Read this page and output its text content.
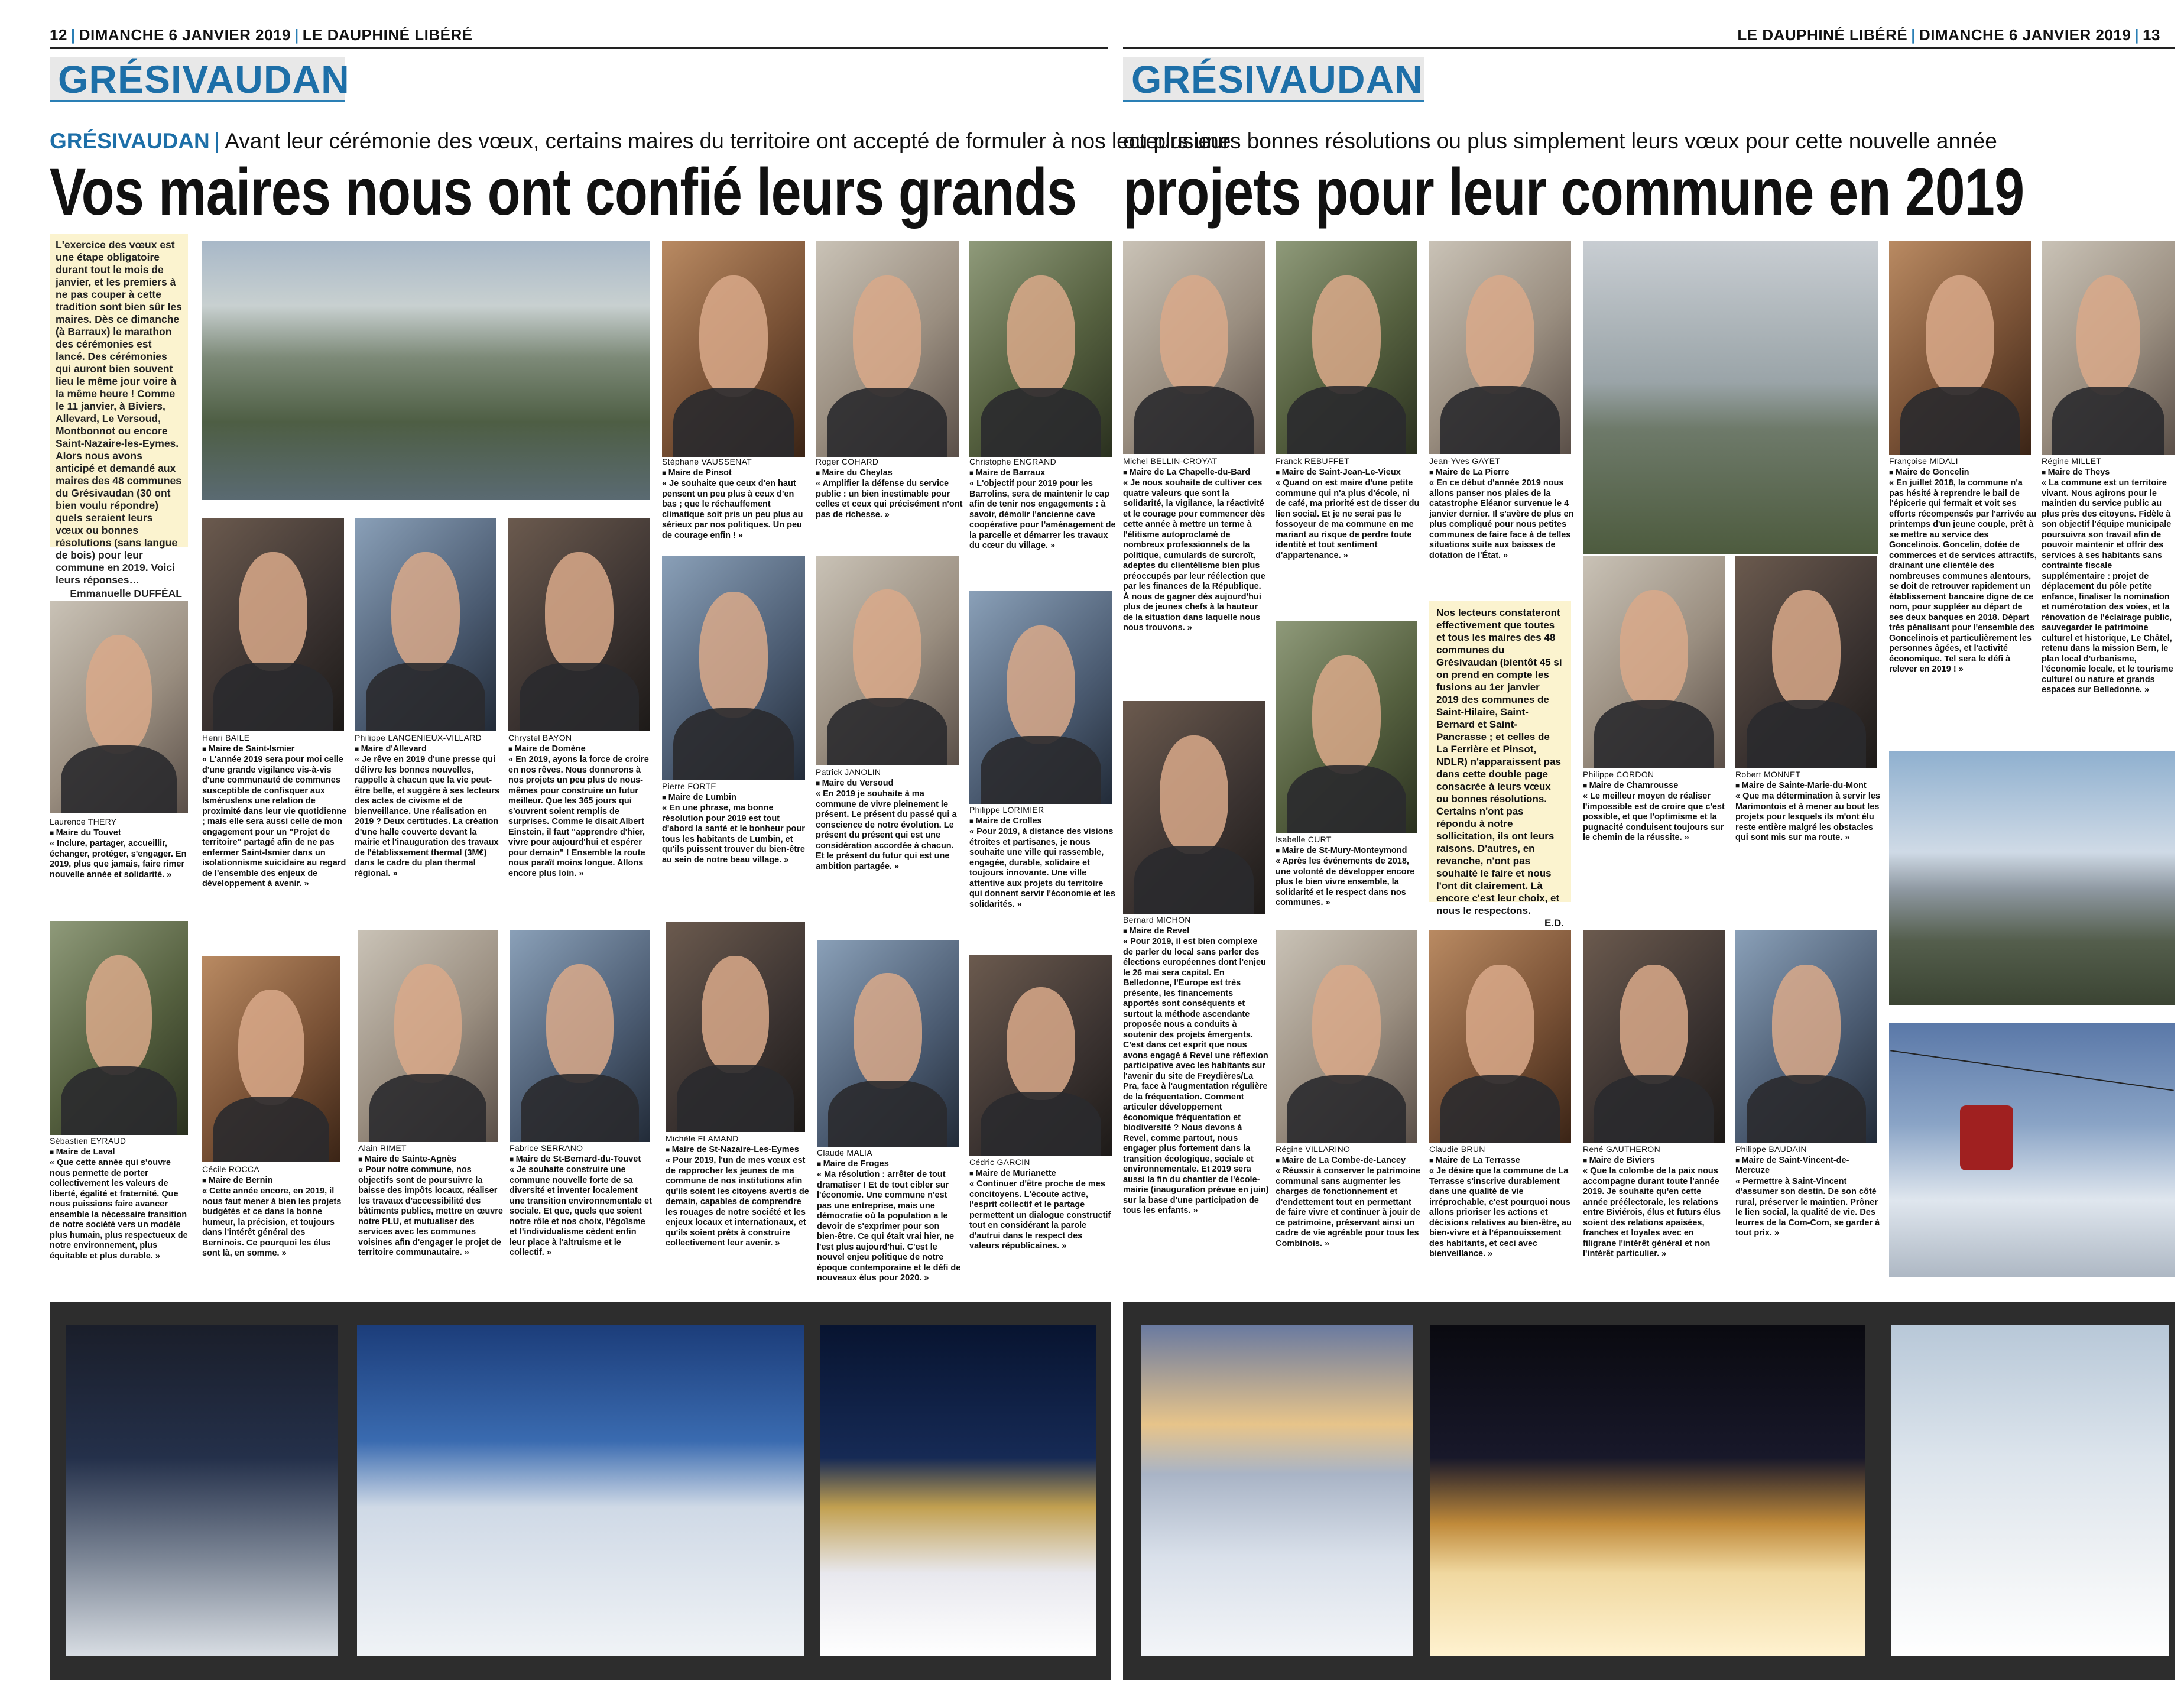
12 | DIMANCHE 6 JANVIER 2019 | LE DAUPHINÉ LIBÉRÉ	LE DAUPHINÉ LIBÉRÉ | DIMANCHE 6 JANVIER 2019 | 13
GRÉSIVAUDAN	GRÉSIVAUDAN
GRÉSIVAUDAN | Avant leur cérémonie des vœux, certains maires du territoire ont accepté de formuler à nos lecteurs une
ou plusieurs bonnes résolutions ou plus simplement leurs vœux pour cette nouvelle année
Vos maires nous ont confié leurs grands projets pour leur commune en 2019
L'exercice des vœux est une étape obligatoire durant tout le mois de janvier, et les premiers à ne pas couper à cette tradition sont bien sûr les maires. Dès ce dimanche (à Barraux) le marathon des cérémonies est lancé. Des cérémonies qui auront bien souvent lieu le même jour voire à la même heure ! Comme le 11 janvier, à Biviers, Allevard, Le Versoud, Montbonnot ou encore Saint-Nazaire-les-Eymes. Alors nous avons anticipé et demandé aux maires des 48 communes du Grésivaudan (30 ont bien voulu répondre) quels seraient leurs vœux ou bonnes résolutions (sans langue de bois) pour leur commune en 2019. Voici leurs réponses…
Emmanuelle DUFFÉAL
Stéphane VAUSSENAT
■ Maire de Pinsot
« Je souhaite que ceux d'en haut pensent un peu plus à ceux d'en bas ; que le réchauffement climatique soit pris un peu plus au sérieux par nos politiques. Un peu de courage enfin ! »
Roger COHARD
■ Maire du Cheylas
« Amplifier la défense du service public : un bien inestimable pour celles et ceux qui précisément n'ont pas de richesse. »
Christophe ENGRAND
■ Maire de Barraux
« L'objectif pour 2019 pour les Barrolins, sera de maintenir le cap afin de tenir nos engagements : à savoir, démolir l'ancienne cave coopérative pour l'aménagement de la parcelle et démarrer les travaux du cœur du village. »
Laurence THERY
■ Maire du Touvet
« Inclure, partager, accueillir, échanger, protéger, s'engager. En 2019, plus que jamais, faire rimer nouvelle année et solidarité. »
Henri BAILE
■ Maire de Saint-Ismier
« L'année 2019 sera pour moi celle d'une grande vigilance vis-à-vis d'une communauté de communes susceptible de confisquer aux Isméruslens une relation de proximité dans leur vie quotidienne ; mais elle sera aussi celle de mon engagement pour un "Projet de territoire" partagé afin de ne pas enfermer Saint-Ismier dans un isolationnisme suicidaire au regard de l'ensemble des enjeux de développement à avenir. »
Philippe LANGENIEUX-VILLARD
■ Maire d'Allevard
« Je rêve en 2019 d'une presse qui délivre les bonnes nouvelles, rappelle à chacun que la vie peut-être belle, et suggère à ses lecteurs des actes de civisme et de bienveillance. Une réalisation en 2019 ? Deux certitudes. La création d'une halle couverte devant la mairie et l'inauguration des travaux de l'établissement thermal (3M€) dans le cadre du plan thermal régional. »
Chrystel BAYON
■ Maire de Domène
« En 2019, ayons la force de croire en nos rêves. Nous donnerons à nos projets un peu plus de nous-mêmes pour construire un futur meilleur. Que les 365 jours qui s'ouvrent soient remplis de surprises. Comme le disait Albert Einstein, il faut "apprendre d'hier, vivre pour aujourd'hui et espérer pour demain" ! Ensemble la route nous paraît moins longue. Allons encore plus loin. »
Pierre FORTE
■ Maire de Lumbin
« En une phrase, ma bonne résolution pour 2019 est tout d'abord la santé et le bonheur pour tous les habitants de Lumbin, et qu'ils puissent trouver du bien-être au sein de notre beau village. »
Patrick JANOLIN
■ Maire du Versoud
« En 2019 je souhaite à ma commune de vivre pleinement le présent. Le présent du passé qui a conscience de notre évolution. Le présent du présent qui est une considération accordée à chacun. Et le présent du futur qui est une ambition partagée. »
Philippe LORIMIER
■ Maire de Crolles
« Pour 2019, à distance des visions étroites et partisanes, je nous souhaite une ville qui rassemble, engagée, durable, solidaire et toujours innovante. Une ville attentive aux projets du territoire qui donnent servir l'économie et les solidarités. »
Sébastien EYRAUD
■ Maire de Laval
« Que cette année qui s'ouvre nous permette de porter collectivement les valeurs de liberté, égalité et fraternité. Que nous puissions faire avancer ensemble la nécessaire transition de notre société vers un modèle plus humain, plus respectueux de notre environnement, plus équitable et plus durable. »
Cécile ROCCA
■ Maire de Bernin
« Cette année encore, en 2019, il nous faut mener à bien les projets budgétés et ce dans la bonne humeur, la précision, et toujours dans l'intérêt général des Berninois. Ce pourquoi les élus sont là, en somme. »
Alain RIMET
■ Maire de Sainte-Agnès
« Pour notre commune, nos objectifs sont de poursuivre la baisse des impôts locaux, réaliser les travaux d'accessibilité des bâtiments publics, mettre en œuvre notre PLU, et mutualiser des services avec les communes voisines afin d'engager le projet de territoire communautaire. »
Fabrice SERRANO
■ Maire de St-Bernard-du-Touvet
« Je souhaite construire une commune nouvelle forte de sa diversité et inventer localement une transition environnementale et sociale. Et que, quels que soient notre rôle et nos choix, l'égoïsme et l'individualisme cèdent enfin leur place à l'altruisme et le collectif. »
Michèle FLAMAND
■ Maire de St-Nazaire-Les-Eymes
« Pour 2019, l'un de mes vœux est de rapprocher les jeunes de ma commune de nos institutions afin qu'ils soient les citoyens avertis de demain, capables de comprendre les rouages de notre société et les enjeux locaux et internationaux, et qu'ils soient prêts à construire collectivement leur avenir. »
Claude MALIA
■ Maire de Froges
« Ma résolution : arrêter de tout dramatiser ! Et de tout cibler sur l'économie. Une commune n'est pas une entreprise, mais une démocratie où la population a le devoir de s'exprimer pour son bien-être. Ce qui était vrai hier, ne l'est plus aujourd'hui. C'est le nouvel enjeu politique de notre époque contemporaine et le défi de nouveaux élus pour 2020. »
Cédric GARCIN
■ Maire de Murianette
« Continuer d'être proche de mes concitoyens. L'écoute active, l'esprit collectif et le partage permettent un dialogue constructif tout en considérant la parole d'autrui dans le respect des valeurs républicaines. »
Michel BELLIN-CROYAT
■ Maire de La Chapelle-du-Bard
« Je nous souhaite de cultiver ces quatre valeurs que sont la solidarité, la vigilance, la réactivité et le courage pour commencer dès cette année à mettre un terme à l'élitisme autoproclamé de nombreux professionnels de la politique, cumulards de surcroît, adeptes du clientélisme bien plus préoccupés par leur réélection que par les finances de la République. À nous de gagner dès aujourd'hui plus de jeunes chefs à la hauteur de la situation dans laquelle nous nous trouvons. »
Franck REBUFFET
■ Maire de Saint-Jean-Le-Vieux
« Quand on est maire d'une petite commune qui n'a plus d'école, ni de café, ma priorité est de tisser du lien social. Et je ne serai pas le fossoyeur de ma commune en me mariant au risque de perdre toute identité et tout sentiment d'appartenance. »
Jean-Yves GAYET
■ Maire de La Pierre
« En ce début d'année 2019 nous allons panser nos plaies de la catastrophe Eléanor survenue le 4 janvier dernier. Il s'avère de plus en plus compliqué pour nous petites communes de faire face à de telles situations suite aux baisses de dotation de l'État. »
Françoise MIDALI
■ Maire de Goncelin
« En juillet 2018, la commune n'a pas hésité à reprendre le bail de l'épicerie qui fermait et voit ses efforts récompensés par l'arrivée au printemps d'un jeune couple, prêt à se mettre au service des Goncelinois. Goncelin, dotée de commerces et de services attractifs, drainant une clientèle des nombreuses communes alentours, se doit de retrouver rapidement un établissement bancaire digne de ce nom, pour suppléer au départ de ses deux banques en 2018. Départ très pénalisant pour l'ensemble des Goncelinois et particulièrement les personnes âgées, et l'activité économique. Tel sera le défi à relever en 2019 ! »
Régine MILLET
■ Maire de Theys
« La commune est un territoire vivant. Nous agirons pour le maintien du service public au plus près des citoyens. Fidèle à son objectif l'équipe municipale poursuivra son travail afin de pouvoir maintenir et offrir des services à ses habitants sans contrainte fiscale supplémentaire : projet de déplacement du pôle petite enfance, finaliser la nomination et numérotation des voies, et la rénovation de l'éclairage public, sauvegarder le patrimoine culturel et historique, Le Châtel, retenu dans la mission Bern, le plan local d'urbanisme, l'économie locale, et le tourisme culturel ou nature et grands espaces sur Belledonne. »
Nos lecteurs constateront effectivement que toutes et tous les maires des 48 communes du Grésivaudan (bientôt 45 si on prend en compte les fusions au 1er janvier 2019 des communes de Saint-Hilaire, Saint-Bernard et Saint-Pancrasse ; et celles de La Ferrière et Pinsot, NDLR) n'apparaissent pas dans cette double page consacrée à leurs vœux ou bonnes résolutions. Certains n'ont pas répondu à notre sollicitation, ils ont leurs raisons. D'autres, en revanche, n'ont pas souhaité le faire et nous l'ont dit clairement. Là encore c'est leur choix, et nous le respectons.
E.D.
Bernard MICHON
■ Maire de Revel
« Pour 2019, il est bien complexe de parler du local sans parler des élections européennes dont l'enjeu le 26 mai sera capital. En Belledonne, l'Europe est très présente, les financements apportés sont conséquents et surtout la méthode ascendante proposée nous a conduits à soutenir des projets émergents. C'est dans cet esprit que nous avons engagé à Revel une réflexion participative avec les habitants sur l'avenir du site de Freydières/La Pra, face à l'augmentation régulière de la fréquentation. Comment articuler développement économique fréquentation et biodiversité ? Nous devons à Revel, comme partout, nous engager plus fortement dans la transition écologique, sociale et environnementale. Et 2019 sera aussi la fin du chantier de l'école-mairie (inauguration prévue en juin) sur la base d'une participation de tous les enfants. »
Isabelle CURT
■ Maire de St-Mury-Monteymond
« Après les événements de 2018, une volonté de développer encore plus le bien vivre ensemble, la solidarité et le respect dans nos communes. »
Philippe CORDON
■ Maire de Chamrousse
« Le meilleur moyen de réaliser l'impossible est de croire que c'est possible, et que l'optimisme et la pugnacité conduisent toujours sur le chemin de la réussite. »
Robert MONNET
■ Maire de Sainte-Marie-du-Mont
« Que ma détermination à servir les Marimontois et à mener au bout les projets pour lesquels ils m'ont élu reste entière malgré les obstacles qui sont mis sur ma route. »
Régine VILLARINO
■ Maire de La Combe-de-Lancey
« Réussir à conserver le patrimoine communal sans augmenter les charges de fonctionnement et d'endettement tout en permettant de faire vivre et continuer à jouir de ce patrimoine, préservant ainsi un cadre de vie agréable pour tous les Combinois. »
Claudie BRUN
■ Maire de La Terrasse
« Je désire que la commune de La Terrasse s'inscrive durablement dans une qualité de vie irréprochable, c'est pourquoi nous allons prioriser les actions et décisions relatives au bien-être, au bien-vivre et à l'épanouissement des habitants, et ceci avec bienveillance. »
René GAUTHERON
■ Maire de Biviers
« Que la colombe de la paix nous accompagne durant toute l'année 2019. Je souhaite qu'en cette année préélectorale, les relations entre Biviérois, élus et futurs élus soient des relations apaisées, franches et loyales avec en filigrane l'intérêt général et non l'intérêt particulier. »
Philippe BAUDAIN
■ Maire de Saint-Vincent-de-Mercuze
« Permettre à Saint-Vincent d'assumer son destin. De son côté rural, préserver le maintien. Prôner le lien social, la qualité de vie. Des leurres de la Com-Com, se garder à tout prix. »
